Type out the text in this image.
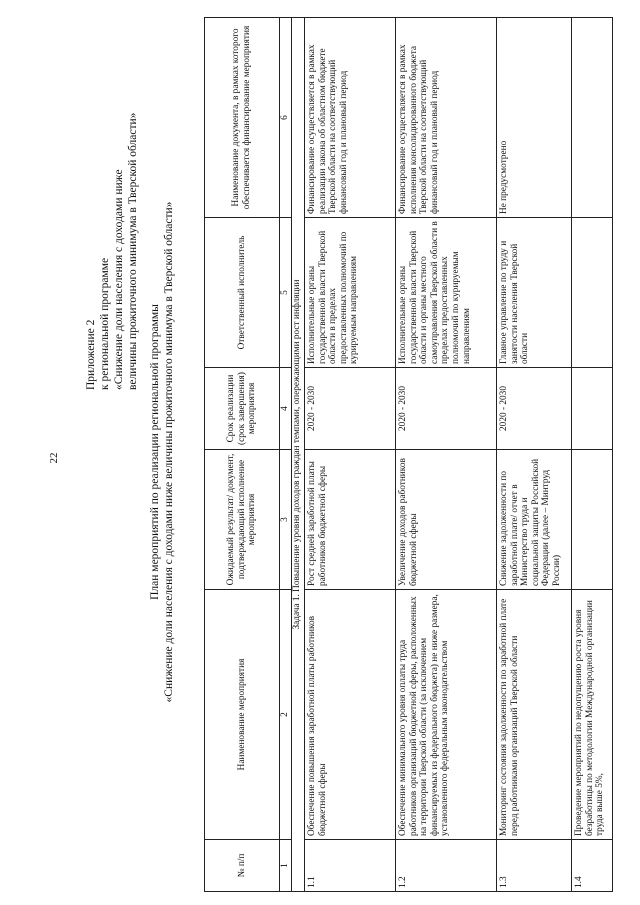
22
Приложение 2 к региональной программе «Снижение доли населения с доходами ниже величины прожиточного минимума в Тверской области»
План мероприятий по реализации региональной программы «Снижение доли населения с доходами ниже величины прожиточного минимума в Тверской области»
№ п/п	Наименование мероприятия	Ожидаемый результат/ документ, подтверждающий исполнение мероприятия	Срок реализации (срок завершения) мероприятия	Ответственный исполнитель	Наименование документа, в рамках которого обеспечивается финансирование мероприятия
1	2	3	4	5	6
Задача 1. Повышение уровня доходов граждан темпами, опережающими рост инфляции					
1.1	Обеспечение повышения заработной платы работников бюджетной сферы	Рост средней заработной платы работников бюджетной сферы	2020 - 2030	Исполнительные органы государственной власти Тверской области в пределах предоставленных полномочий по курируемым направлениям	Финансирование осуществляется в рамках реализации закона об областном бюджете Тверской области на соответствующий финансовый год и плановый период
1.2	Обеспечение минимального уровня оплаты труда работников организаций бюджетной сферы, расположенных на территории Тверской области (за исключением финансируемых из федерального бюджета) не ниже размера, установленного федеральным законодательством	Увеличение доходов работников бюджетной сферы	2020 - 2030	Исполнительные органы государственной власти Тверской области и органы местного самоуправления Тверской области в пределах предоставленных полномочий по курируемым направлениям	Финансирование осуществляется в рамках исполнения консолидированного бюджета Тверской области на соответствующий финансовый год и плановый период
1.3	Мониторинг состояния задолженности по заработной плате перед работниками организаций Тверской области	Снижение задолженности по заработной плате/ отчет в Министерство труда и социальной защиты Российской Федерации (далее – Минтруд России)	2020 - 2030	Главное управление по труду и занятости населения Тверской области	Не предусмотрено
1.4	Проведение мероприятий по недопущению роста уровня безработицы по методологии Международной организации труда выше 5%,				
